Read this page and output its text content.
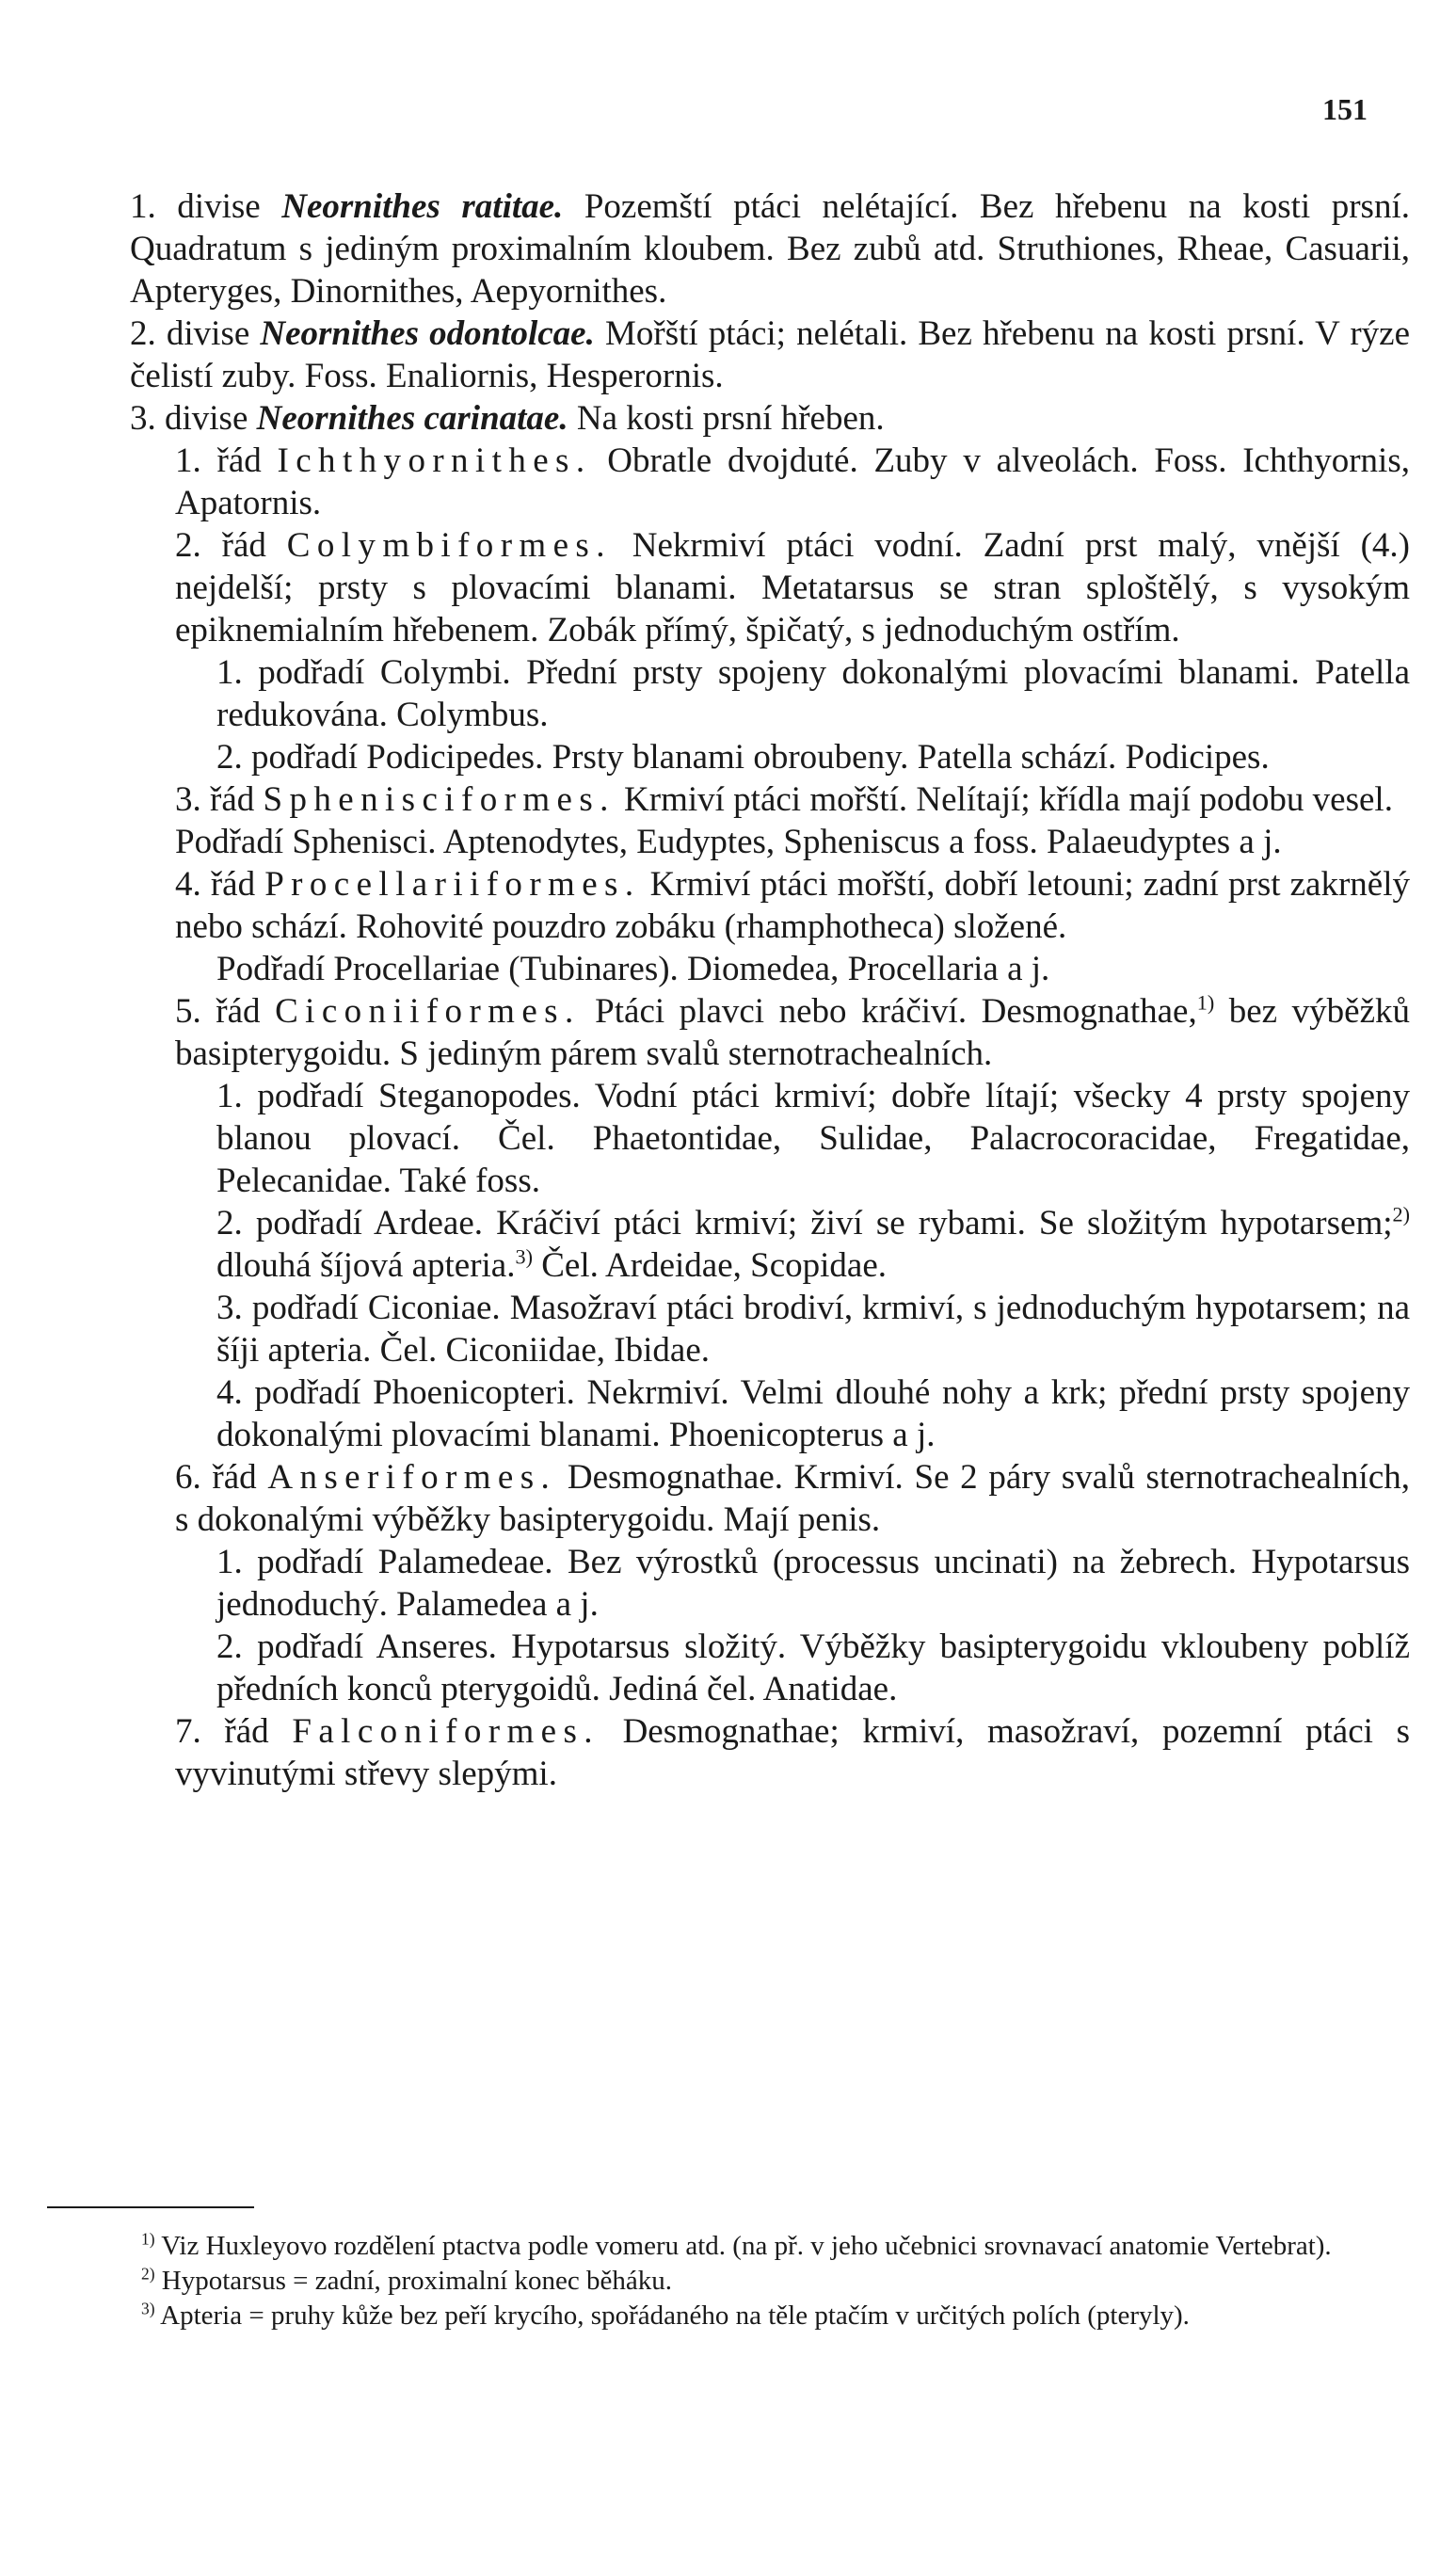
151

1. divise Neornithes ratitae. Pozemští ptáci nelétající. Bez hřebenu na kosti prsní. Quadratum s jediným proximalním kloubem. Bez zubů atd. Struthiones, Rheae, Casuarii, Apteryges, Dinornithes, Aepyornithes.

2. divise Neornithes odontolcae. Mořští ptáci; nelétali. Bez hřebenu na kosti prsní. V rýze čelistí zuby. Foss. Enaliornis, Hesperornis.

3. divise Neornithes carinatae. Na kosti prsní hřeben.

1. řád Ichthyornithes. Obratle dvojduté. Zuby v alveolách. Foss. Ichthyornis, Apatornis.

2. řád Colymbiformes. Nekrmiví ptáci vodní. Zadní prst malý, vnější (4.) nejdelší; prsty s plovacími blanami. Metatarsus se stran sploštělý, s vysokým epiknemialním hřebenem. Zobák přímý, špičatý, s jednoduchým ostřím.

1. podřadí Colymbi. Přední prsty spojeny dokonalými plovacími blanami. Patella redukována. Colymbus.

2. podřadí Podicipedes. Prsty blanami obroubeny. Patella schází. Podicipes.

3. řád Sphenisciformes. Krmiví ptáci mořští. Nelítají; křídla mají podobu vesel.

Podřadí Sphenisci. Aptenodytes, Eudyptes, Spheniscus a foss. Palaeudyptes a j.

4. řád Procellariiformes. Krmiví ptáci mořští, dobří letouni; zadní prst zakrnělý nebo schází. Rohovité pouzdro zobáku (rhamphotheca) složené.

Podřadí Procellariae (Tubinares). Diomedea, Procellaria a j.

5. řád Ciconiiformes. Ptáci plavci nebo kráčiví. Desmognathae,$^{1)}$ bez výběžků basipterygoidu. S jediným párem svalů sternotrachealních.

1. podřadí Steganopodes. Vodní ptáci krmiví; dobře lítají; všecky 4 prsty spojeny blanou plovací. Čel. Phaetontidae, Sulidae, Palacrocoracidae, Fregatidae, Pelecanidae. Také foss.

2. podřadí Ardeae. Kráčiví ptáci krmiví; živí se rybami. Se složitým hypotarsem;$^{2)}$ dlouhá šíjová apteria.$^{3)}$ Čel. Ardeidae, Scopidae.

3. podřadí Ciconiae. Masožraví ptáci brodiví, krmiví, s jednoduchým hypotarsem; na šíji apteria. Čel. Ciconiidae, Ibidae.

4. podřadí Phoenicopteri. Nekrmiví. Velmi dlouhé nohy a krk; přední prsty spojeny dokonalými plovacími blanami. Phoenicopterus a j.

6. řád Anseriformes. Desmognathae. Krmiví. Se 2 páry svalů sternotrachealních, s dokonalými výběžky basipterygoidu. Mají penis.

1. podřadí Palamedeae. Bez výrostků (processus uncinati) na žebrech. Hypotarsus jednoduchý. Palamedea a j.

2. podřadí Anseres. Hypotarsus složitý. Výběžky basipterygoidu vkloubeny poblíž předních konců pterygoidů. Jediná čel. Anatidae.

7. řád Falconiformes. Desmognathae; krmiví, masožraví, pozemní ptáci s vyvinutými střevy slepými.

$^{1)}$ Viz Huxleyovo rozdělení ptactva podle vomeru atd. (na př. v jeho učebnici srovnavací anatomie Vertebrat).

$^{2)}$ Hypotarsus = zadní, proximalní konec běháku.

$^{3)}$ Apteria = pruhy kůže bez peří krycího, spořádaného na těle ptačím v určitých polích (pteryly).
